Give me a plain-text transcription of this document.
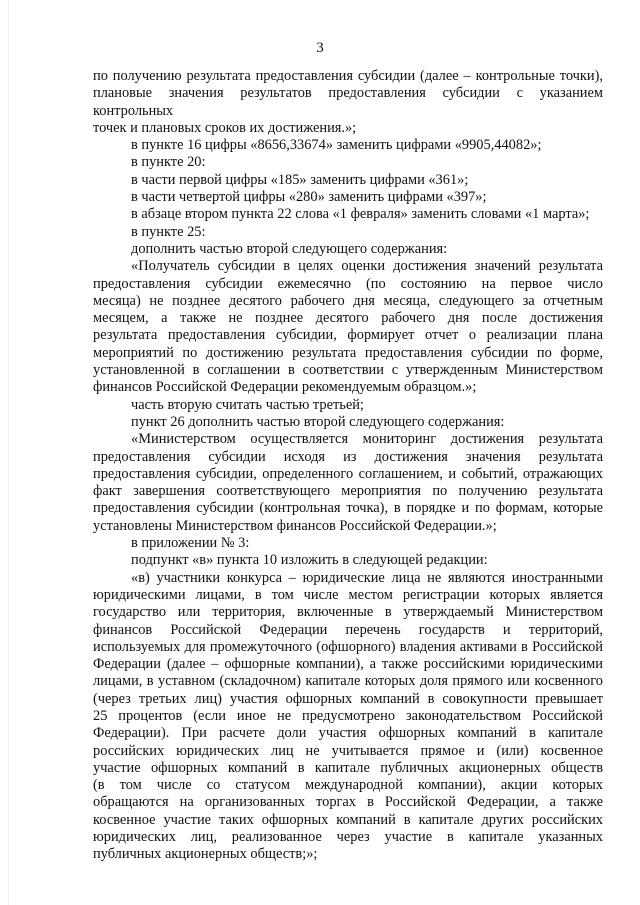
3
по получению результата предоставления субсидии (далее – контрольные точки),
плановые значения результатов предоставления субсидии с указанием контрольных
точек и плановых сроков их достижения.»;
в пункте 16 цифры «8656,33674» заменить цифрами «9905,44082»;
в пункте 20:
в части первой цифры «185» заменить цифрами «361»;
в части четвертой цифры «280» заменить цифрами «397»;
в абзаце втором пункта 22 слова «1 февраля» заменить словами «1 марта»;
в пункте 25:
дополнить частью второй следующего содержания:
«Получатель субсидии в целях оценки достижения значений результата
предоставления субсидии ежемесячно (по состоянию на первое число
месяца) не позднее десятого рабочего дня месяца, следующего за отчетным
месяцем, а также не позднее десятого рабочего дня после достижения
результата предоставления субсидии, формирует отчет о реализации плана
мероприятий по достижению результата предоставления субсидии по форме,
установленной в соглашении в соответствии с утвержденным Министерством
финансов Российской Федерации рекомендуемым образцом.»;
часть вторую считать частью третьей;
пункт 26 дополнить частью второй следующего содержания:
«Министерством осуществляется мониторинг достижения результата
предоставления субсидии исходя из достижения значения результата
предоставления субсидии, определенного соглашением, и событий, отражающих
факт завершения соответствующего мероприятия по получению результата
предоставления субсидии (контрольная точка), в порядке и по формам, которые
установлены Министерством финансов Российской Федерации.»;
в приложении № 3:
подпункт «в» пункта 10 изложить в следующей редакции:
«в) участники конкурса – юридические лица не являются иностранными
юридическими лицами, в том числе местом регистрации которых является
государство или территория, включенные в утверждаемый Министерством
финансов Российской Федерации перечень государств и территорий,
используемых для промежуточного (офшорного) владения активами в Российской
Федерации (далее – офшорные компании), а также российскими юридическими
лицами, в уставном (складочном) капитале которых доля прямого или косвенного
(через третьих лиц) участия офшорных компаний в совокупности превышает
25 процентов (если иное не предусмотрено законодательством Российской
Федерации). При расчете доли участия офшорных компаний в капитале
российских юридических лиц не учитывается прямое и (или) косвенное
участие офшорных компаний в капитале публичных акционерных обществ
(в том числе со статусом международной компании), акции которых
обращаются на организованных торгах в Российской Федерации, а также
косвенное участие таких офшорных компаний в капитале других российских
юридических лиц, реализованное через участие в капитале указанных
публичных акционерных обществ;»;
